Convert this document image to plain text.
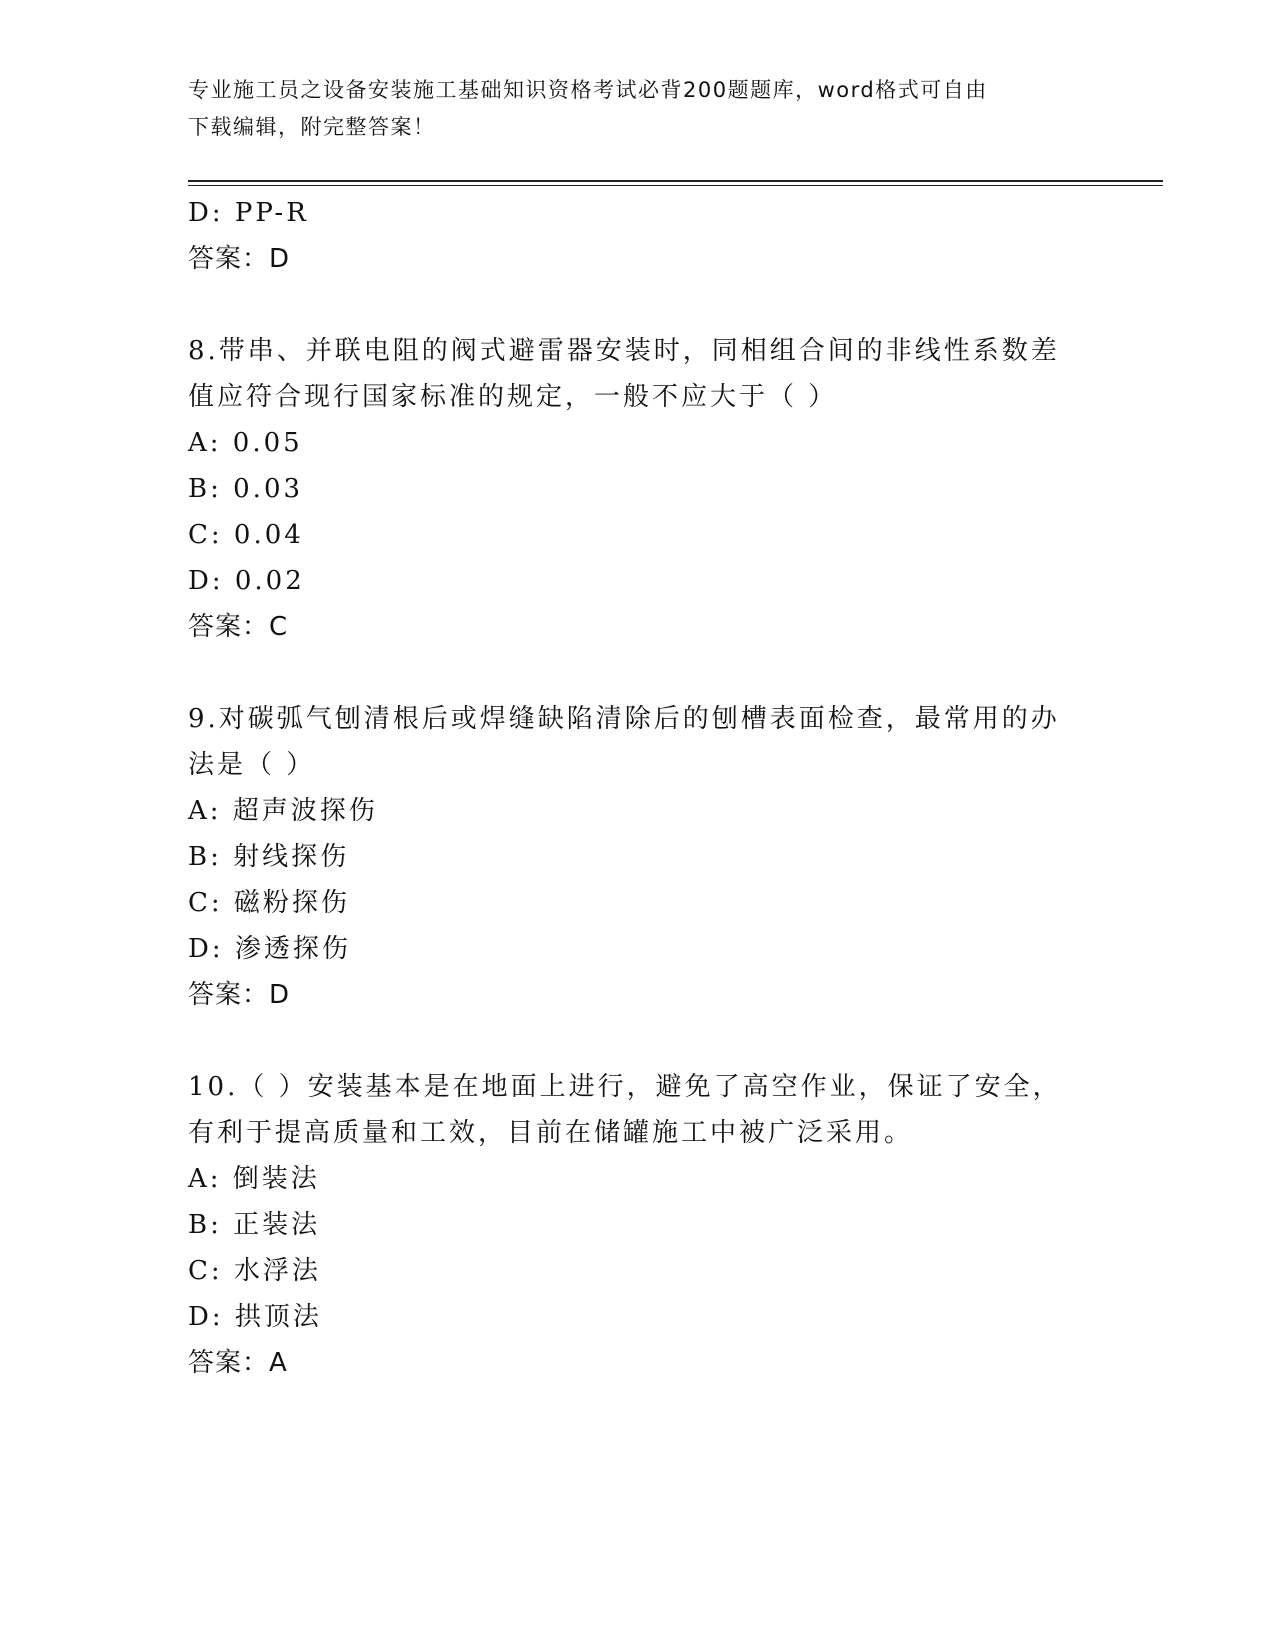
专业施工员之设备安装施工基础知识资格考试必背200题题库，word格式可自由
下载编辑，附完整答案！
D: PP-R
答案：D
8.带串、并联电阻的阀式避雷器安装时，同相组合间的非线性系数差
值应符合现行国家标准的规定，一般不应大于（ ）
A: 0.05
B: 0.03
C: 0.04
D: 0.02
答案：C
9.对碳弧气刨清根后或焊缝缺陷清除后的刨槽表面检查，最常用的办
法是（ ）
A: 超声波探伤
B: 射线探伤
C: 磁粉探伤
D: 渗透探伤
答案：D
10.（ ）安装基本是在地面上进行，避免了高空作业，保证了安全，
有利于提高质量和工效，目前在储罐施工中被广泛采用。
A: 倒装法
B: 正装法
C: 水浮法
D: 拱顶法
答案：A
